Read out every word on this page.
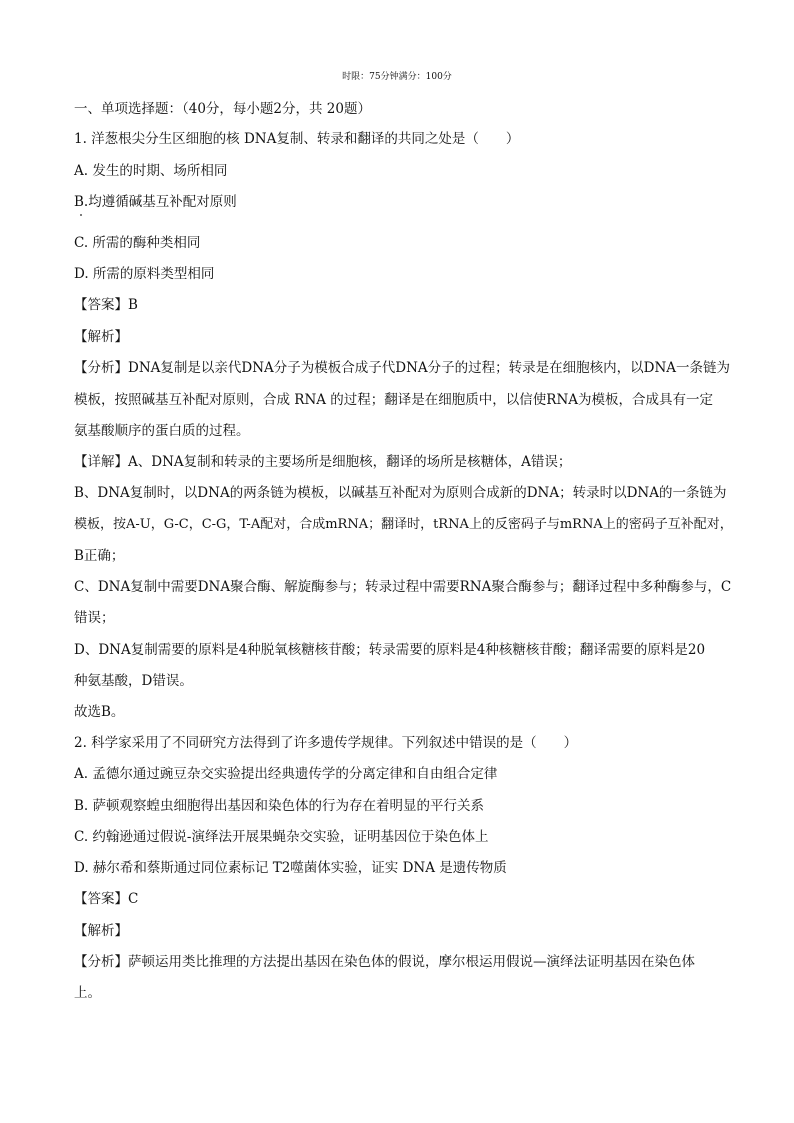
时限：75分钟满分：100分
一、单项选择题：（40分，每小题2分，共 20题）
1. 洋葱根尖分生区细胞的核 DNA复制、转录和翻译的共同之处是（　　）
A. 发生的时期、场所相同
B.均遵循碱基互补配对原则
C. 所需的酶种类相同
D. 所需的原料类型相同
【答案】B
【解析】
【分析】DNA复制是以亲代DNA分子为模板合成子代DNA分子的过程；转录是在细胞核内，以DNA一条链为
模板，按照碱基互补配对原则，合成 RNA 的过程；翻译是在细胞质中，以信使RNA为模板，合成具有一定
氨基酸顺序的蛋白质的过程。
【详解】A、DNA复制和转录的主要场所是细胞核，翻译的场所是核糖体，A错误；
B、DNA复制时，以DNA的两条链为模板，以碱基互补配对为原则合成新的DNA；转录时以DNA的一条链为
模板，按A-U，G-C，C-G，T-A配对，合成mRNA；翻译时，tRNA上的反密码子与mRNA上的密码子互补配对，
B正确；
C、DNA复制中需要DNA聚合酶、解旋酶参与；转录过程中需要RNA聚合酶参与；翻译过程中多种酶参与，C
错误；
D、DNA复制需要的原料是4种脱氧核糖核苷酸；转录需要的原料是4种核糖核苷酸；翻译需要的原料是20
种氨基酸，D错误。
故选B。
2. 科学家采用了不同研究方法得到了许多遗传学规律。下列叙述中错误的是（　　）
A. 孟德尔通过豌豆杂交实验提出经典遗传学的分离定律和自由组合定律
B. 萨顿观察蝗虫细胞得出基因和染色体的行为存在着明显的平行关系
C. 约翰逊通过假说-演绎法开展果蝇杂交实验，证明基因位于染色体上
D. 赫尔希和蔡斯通过同位素标记 T2噬菌体实验，证实 DNA 是遗传物质
【答案】C
【解析】
【分析】萨顿运用类比推理的方法提出基因在染色体的假说，摩尔根运用假说—演绎法证明基因在染色体
上。
